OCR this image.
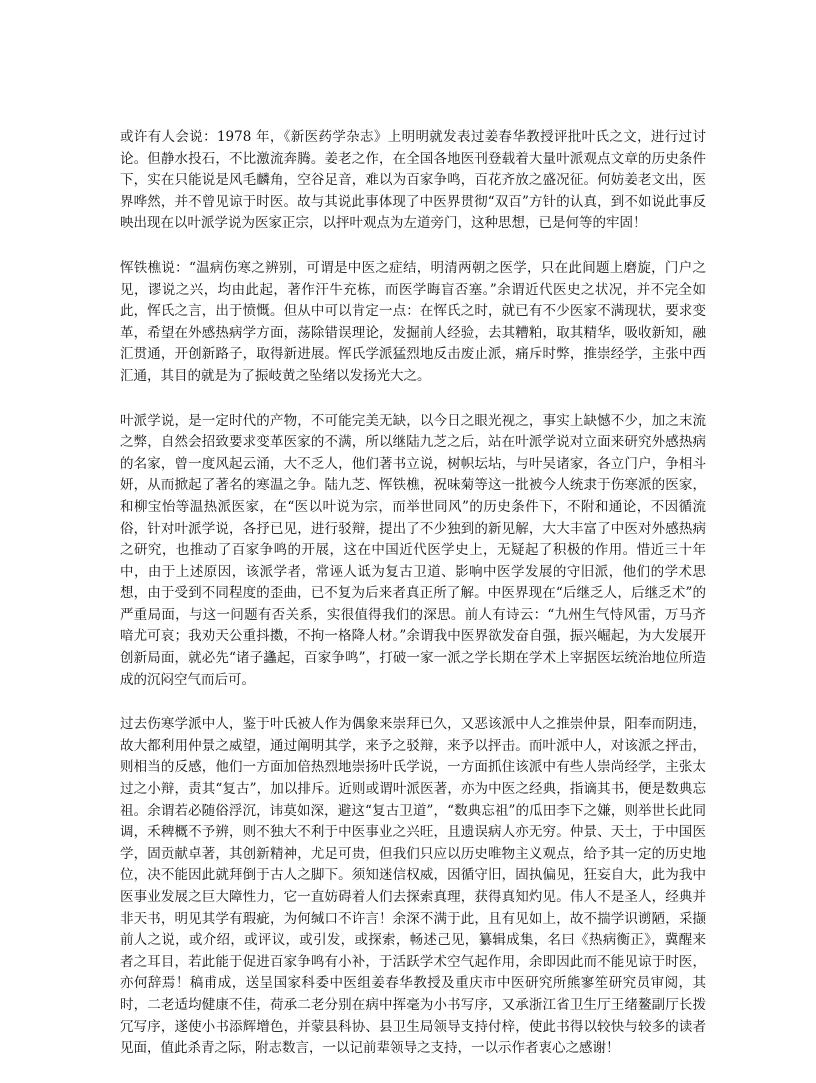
或许有人会说：1978 年，《新医药学杂志》上明明就发表过姜春华教授评批叶氏之文，进行过讨论。但静水投石，不比激流奔腾。姜老之作，在全国各地医刊登载着大量叶派观点文章的历史条件下，实在只能说是风毛麟角，空谷足音，难以为百家争鸣，百花齐放之盛况征。何妨姜老文出，医界哗然，并不曾见谅于时医。故与其说此事体现了中医界贯彻“双百”方针的认真，到不如说此事反映出现在以叶派学说为医家正宗，以抨叶观点为左道旁门，这种思想，已是何等的牢固！

恽铁樵说：“温病伤寒之辨别，可谓是中医之症结，明清两朝之医学，只在此间题上磨旋，门户之见，谬说之兴，均由此起，著作汗牛充栋，而医学晦盲否塞。”余谓近代医史之状况，并不完全如此，恽氏之言，出于愤慨。但从中可以肯定一点：在恽氏之时，就已有不少医家不满现状，要求变革，希望在外感热病学方面，荡除错误理论，发掘前人经验，去其糟粕，取其精华，吸收新知，融汇贯通，开创新路子，取得新进展。恽氏学派猛烈地反击废止派，痛斥时弊，推崇经学，主张中西汇通，其目的就是为了振岐黄之坠绪以发扬光大之。

叶派学说，是一定时代的产物，不可能完美无缺，以今日之眼光视之，事实上缺憾不少，加之末流之弊，自然会招致要求变革医家的不满，所以继陆九芝之后，站在叶派学说对立面来研究外感热病的名家，曾一度风起云涌，大不乏人，他们著书立说，树帜坛坫，与叶吴诸家，各立门户，争相斗妍，从而掀起了著名的寒温之争。陆九芝、恽铁樵，祝味菊等这一批被今人统隶于伤寒派的医家，和柳宝怡等温热派医家，在“医以叶说为宗，而举世同风”的历史条件下，不附和通论，不因循流俗，针对叶派学说，各抒已见，进行驳辩，提出了不少独到的新见解，大大丰富了中医对外感热病之研究，也推动了百家争鸣的开展，这在中国近代医学史上，无疑起了积极的作用。惜近三十年中，由于上述原因，该派学者，常诬人诋为复古卫道、影响中医学发展的守旧派，他们的学术思想，由于受到不同程度的歪曲，已不复为后来者真正所了解。中医界现在“后继乏人，后继乏术”的严重局面，与这一问题有否关系，实很值得我们的深思。前人有诗云：“九州生气恃风雷，万马齐喑尤可哀；我劝天公重抖擞，不拘一格降人材。”余谓我中医界欲发奋自强，振兴崛起，为大发展开创新局面，就必先“诸子蠭起，百家争鸣”，打破一家一派之学长期在学术上宰据医坛统治地位所造成的沉闷空气而后可。

过去伤寒学派中人，鉴于叶氏被人作为偶象来崇拜已久，又恶该派中人之推崇仲景，阳奉而阴违，故大都利用仲景之威望，通过阐明其学，来予之驳辩，来予以抨击。而叶派中人，对该派之抨击，则相当的反感，他们一方面加倍热烈地崇扬叶氏学说，一方面抓住该派中有些人崇尚经学，主张太过之小辩，责其“复古”，加以排斥。近则或谓叶派医著，亦为中医之经典，指谪其书，便是数典忘祖。余谓若必随俗浮沉，讳莫如深，避这“复古卫道”，“数典忘祖”的瓜田李下之嫌，则举世长此同调，禾稗概不予辨，则不独大不利于中医事业之兴旺，且遗误病人亦无穷。仲景、天士，于中国医学，固贡献卓著，其创新精神，尤足可贵，但我们只应以历史唯物主义观点，给予其一定的历史地位，决不能因此就拜倒于古人之脚下。须知迷信权威，因循守旧，固执偏见，狂妄自大，此为我中医事业发展之巨大障性力，它一直妨碍着人们去探索真理，获得真知灼见。伟人不是圣人，经典并非天书，明见其学有瑕疵，为何缄口不许言！余深不满于此，且有见如上，故不揣学识谫陋，采撷前人之说，或介绍，或评议，或引发，或探索，畅述己见，纂辑成集，名曰《热病衡正》，冀醒来者之耳目，若此能于促进百家争鸣有小补，于活跃学术空气起作用，余即因此而不能见谅于时医，亦何辞焉！稿甫成，送呈国家科委中医组姜春华教授及重庆市中医研究所熊寥笙研究员审阅，其时，二老适均健康不佳，荷承二老分别在病中挥毫为小书写序，又承浙江省卫生厅王绪鳌副厅长拨冗写序，遂使小书添辉增色，并蒙县科协、县卫生局领导支持付梓，使此书得以较快与较多的读者见面，值此杀青之际，附志数言，一以记前辈领导之支持，一以示作者衷心之感谢！
